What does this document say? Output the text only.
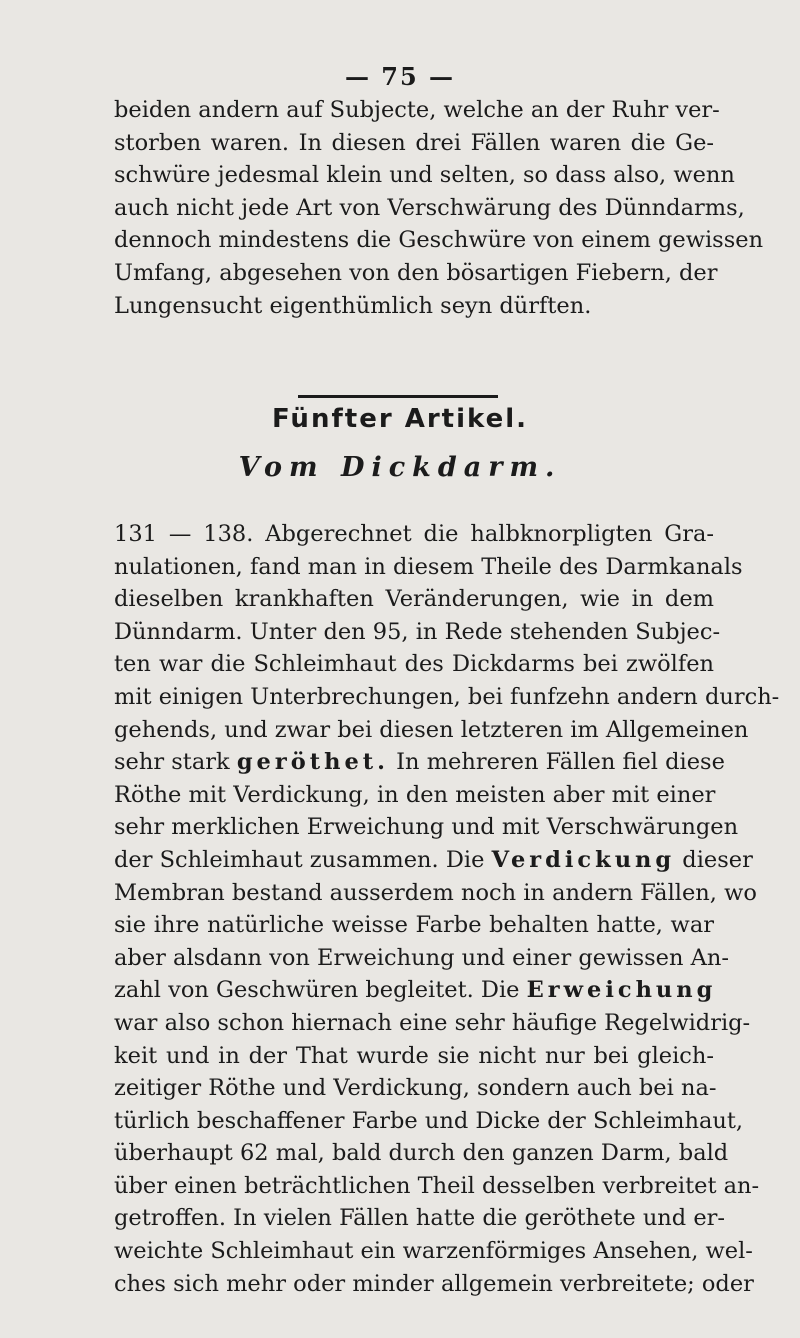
— 75 —
beiden andern auf Subjecte, welche an der Ruhr ver-
storben waren. In diesen drei Fällen waren die Ge-
schwüre jedesmal klein und selten, so dass also, wenn
auch nicht jede Art von Verschwärung des Dünndarms,
dennoch mindestens die Geschwüre von einem gewissen
Umfang, abgesehen von den bösartigen Fiebern, der
Lungensucht eigenthümlich seyn dürften.
Fünfter Artikel.
Vom Dickdarm.
131 — 138. Abgerechnet die halbknorpligten Gra-
nulationen, fand man in diesem Theile des Darmkanals
dieselben krankhaften Veränderungen, wie in dem
Dünndarm. Unter den 95, in Rede stehenden Subjec-
ten war die Schleimhaut des Dickdarms bei zwölfen
mit einigen Unterbrechungen, bei funfzehn andern durch-
gehends, und zwar bei diesen letzteren im Allgemeinen
sehr stark geröthet. In mehreren Fällen fiel diese
Röthe mit Verdickung, in den meisten aber mit einer
sehr merklichen Erweichung und mit Verschwärungen
der Schleimhaut zusammen. Die Verdickung dieser
Membran bestand ausserdem noch in andern Fällen, wo
sie ihre natürliche weisse Farbe behalten hatte, war
aber alsdann von Erweichung und einer gewissen An-
zahl von Geschwüren begleitet. Die Erweichung
war also schon hiernach eine sehr häufige Regelwidrig-
keit und in der That wurde sie nicht nur bei gleich-
zeitiger Röthe und Verdickung, sondern auch bei na-
türlich beschaffener Farbe und Dicke der Schleimhaut,
überhaupt 62 mal, bald durch den ganzen Darm, bald
über einen beträchtlichen Theil desselben verbreitet an-
getroffen. In vielen Fällen hatte die geröthete und er-
weichte Schleimhaut ein warzenförmiges Ansehen, wel-
ches sich mehr oder minder allgemein verbreitete; oder
